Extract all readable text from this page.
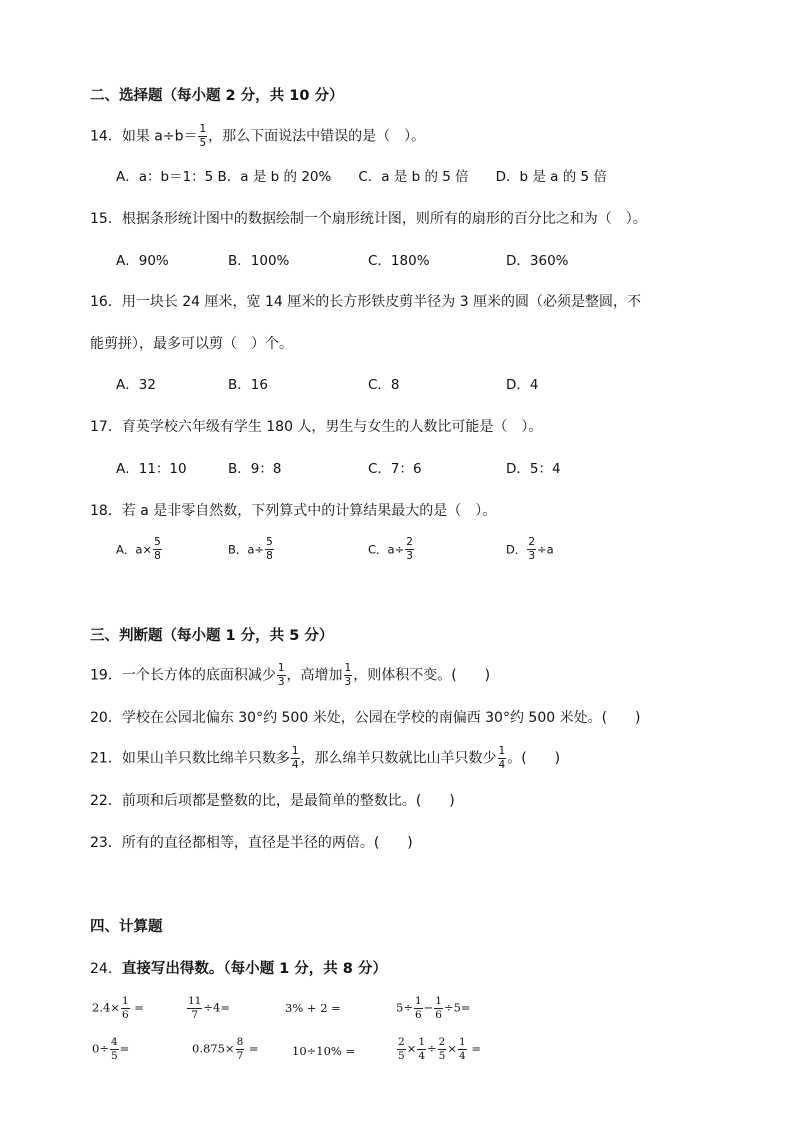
二、选择题（每小题 2 分，共 10 分）
14．如果 $a\div b= \frac{1}{5}$ ，那么下面说法中错误的是（　）。
A．a：b＝1：5 B．a 是 b 的 20%　　C．a 是 b 的 5 倍　　D．b 是 a 的 5 倍
15．根据条形统计图中的数据绘制一个扇形统计图，则所有的扇形的百分比之和为（　）。
A．90%	B．100%	C．180%	D．360%
16．用一块长 24 厘米，宽 14 厘米的长方形铁皮剪半径为 3 厘米的圆（必须是整圆，不
能剪拼），最多可以剪（　）个。
A．32	B．16	C．8	D．4
17．育英学校六年级有学生 180 人，男生与女生的人数比可能是（　）。
A．11：10	B．9：8	C．7：6	D．5：4
18．若 a 是非零自然数，下列算式中的计算结果最大的是（　）。
A．$a\times \frac{5}{8}$	B．$a\div \frac{5}{8}$	C．$a\div \frac{2}{3}$	D． $\frac{2}{3} \div a$
三、判断题（每小题 1 分，共 5 分）
19．一个长方体的底面积减少 $\frac{1}{3}$ ，高增加 $\frac{1}{3}$ ，则体积不变。(　　)
20．学校在公园北偏东 30°约 500 米处，公园在学校的南偏西 30°约 500 米处。(　　)
21．如果山羊只数比绵羊只数多 $\frac{1}{4}$ ，那么绵羊只数就比山羊只数少 $\frac{1}{4}$ 。(　　)
22．前项和后项都是整数的比，是最简单的整数比。(　　)
23．所有的直径都相等，直径是半径的两倍。(　　)
四、计算题
24．直接写出得数。（每小题 1 分，共 8 分）
$2.4\times \frac{1}{6}$ =	$\frac{11}{7} \div 4=$	3% + 2 =	$5\div \frac{1}{6} - \frac{1}{6} \div 5=$
$0\div \frac{4}{5}$ =	$0.875\times \frac{8}{7}$ =	10÷10% =	$\frac{2}{5} \times \frac{1}{4} \div \frac{2}{5} \times \frac{1}{4}$ =
